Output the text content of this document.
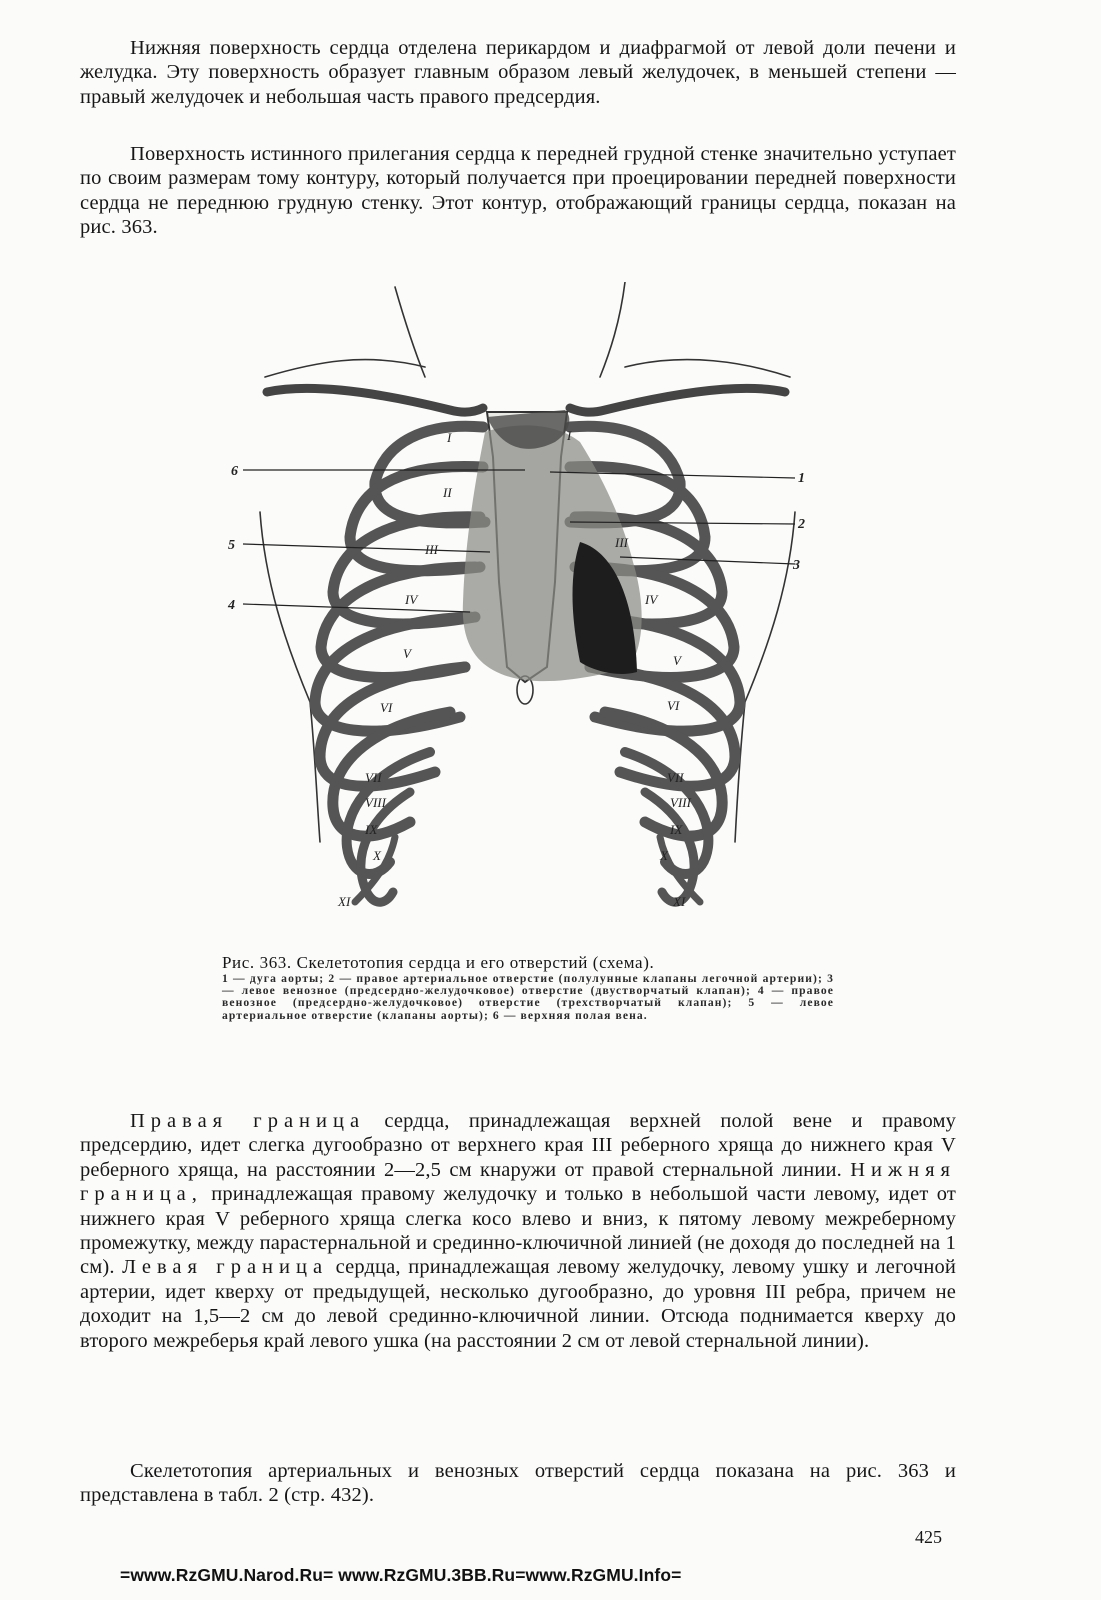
Нижняя поверхность сердца отделена перикардом и диафрагмой от левой доли печени и желудка. Эту поверхность образует главным образом левый желудочек, в меньшей степени — правый желудочек и небольшая часть правого предсердия.
Поверхность истинного прилегания сердца к передней грудной стенке значительно уступает по своим размерам тому контуру, который получается при проецировании передней поверхности сердца не переднюю грудную стенку. Этот контур, отображающий границы сердца, показан на рис. 363.
6
5
4
1
2
3
I
II
III
IV
V
VI
VII
VIII
IX
X
XI
I
III
IV
V
VI
VII
VIII
IX
X
XI
Рис. 363. Скелетотопия сердца и его отверстий (схема).
1 — дуга аорты; 2 — правое артериальное отверстие (полулунные клапаны легочной артерии); 3 — левое венозное (предсердно-желудочковое) отверстие (двустворчатый клапан); 4 — правое венозное (предсердно-желудочковое) отверстие (трехстворчатый клапан); 5 — левое артериальное отверстие (клапаны аорты); 6 — верхняя полая вена.
Правая граница сердца, принадлежащая верхней полой вене и правому предсердию, идет слегка дугообразно от верхнего края III реберного хряща до нижнего края V реберного хряща, на расстоянии 2—2,5 см кнаружи от правой стернальной линии. Нижняя граница, принадлежащая правому желудочку и только в небольшой части левому, идет от нижнего края V реберного хряща слегка косо влево и вниз, к пятому левому межреберному промежутку, между парастернальной и срединно-ключичной линией (не доходя до последней на 1 см). Левая граница сердца, принадлежащая левому желудочку, левому ушку и легочной артерии, идет кверху от предыдущей, несколько дугообразно, до уровня III ребра, причем не доходит на 1,5—2 см до левой срединно-ключичной линии. Отсюда поднимается кверху до второго межреберья край левого ушка (на расстоянии 2 см от левой стернальной линии).
Скелетотопия артериальных и венозных отверстий сердца показана на рис. 363 и представлена в табл. 2 (стр. 432).
425
=www.RzGMU.Narod.Ru= www.RzGMU.3BB.Ru=www.RzGMU.Info=
